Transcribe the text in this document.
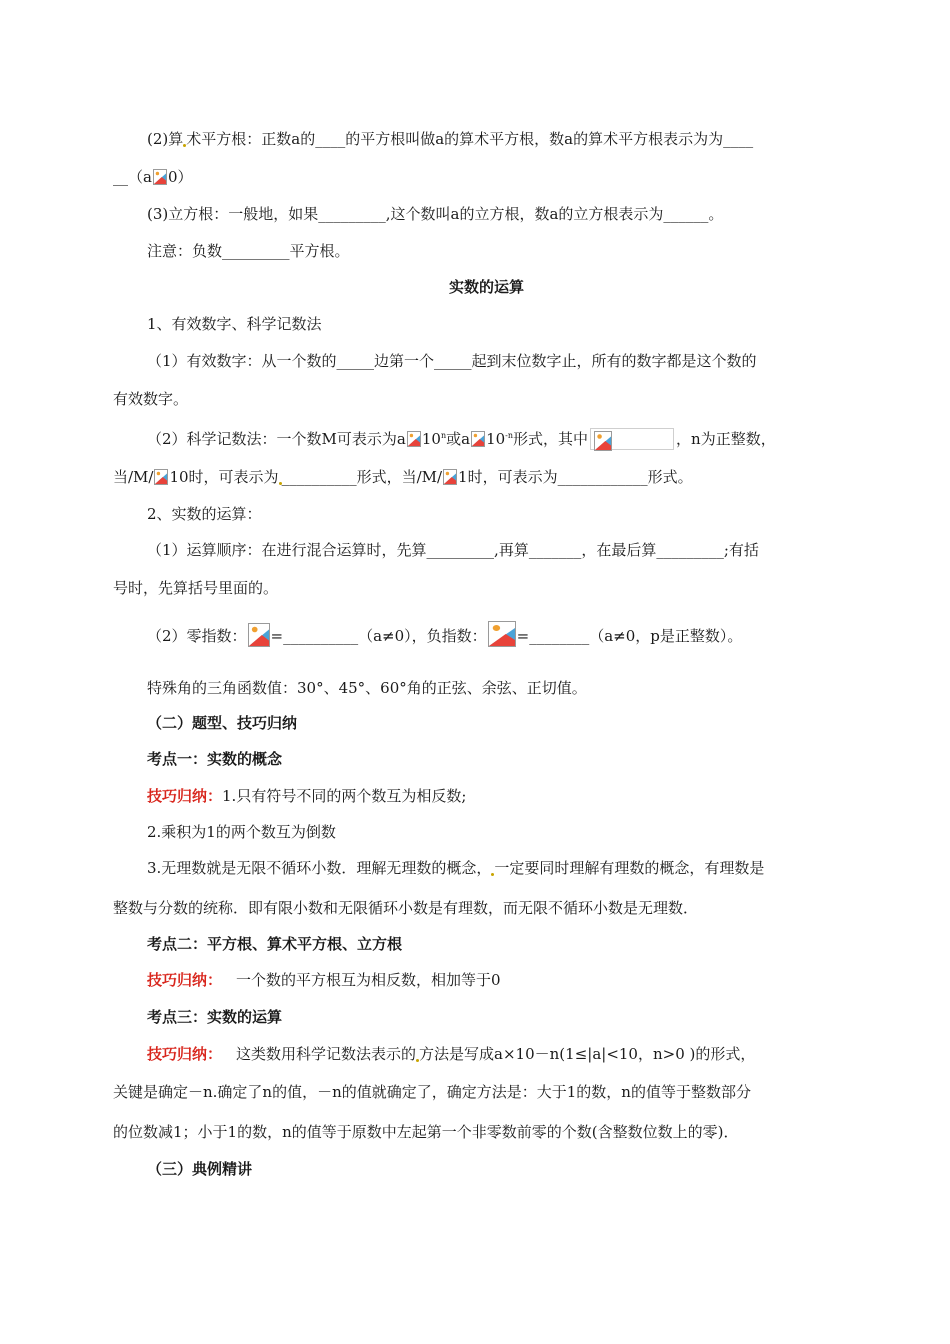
(2)算 术平方根：正数a的____的平方根叫做a的算术平方根，数a的算术平方根表示为为____
__（a 0）
(3)立方根：一般地，如果_________,这个数叫a的立方根，数a的立方根表示为______。
注意：负数_________平方根。
实数的运算
1、有效数字、科学记数法
（1）有效数字：从一个数的_____边第一个_____起到末位数字止，所有的数字都是这个数的
有效数字。
（2）科学记数法：一个数M可表示为a 10$^n$或a $10^{-n}$形式，其中	，n为正整数，
当/M/ 10时，可表示为 __________形式，当/M/ 1时，可表示为____________形式。
2、实数的运算：
（1）运算顺序：在进行混合运算时，先算_________,再算_______，在最后算_________;有括
号时，先算括号里面的。
（2）零指数： =__________（a≠0），负指数： =________（a≠0，p是正整数）。
特殊角的三角函数值：30°、45°、60°角的正弦、余弦、正切值。
（二）题型、技巧归纳
考点一：实数的概念
技巧归纳：1.只有符号不同的两个数互为相反数;
2.乘积为1的两个数互为倒数
3.无理数就是无限不循环小数．理解无理数的概念， 一定要同时理解有理数的概念，有理数是
整数与分数的统称．即有限小数和无限循环小数是有理数，而无限不循环小数是无理数．
考点二：平方根、算术平方根、立方根
技巧归纳： 一个数的平方根互为相反数，相加等于0
考点三：实数的运算
技巧归纳： 这类数用科学记数法表示的 方法是写成a×10－n(1≤|a|<10，n>0 )的形式，
关键是确定－n.确定了n的值，－n的值就确定了，确定方法是：大于1的数，n的值等于整数部分
的位数减1；小于1的数，n的值等于原数中左起第一个非零数前零的个数(含整数位数上的零)．
（三）典例精讲
